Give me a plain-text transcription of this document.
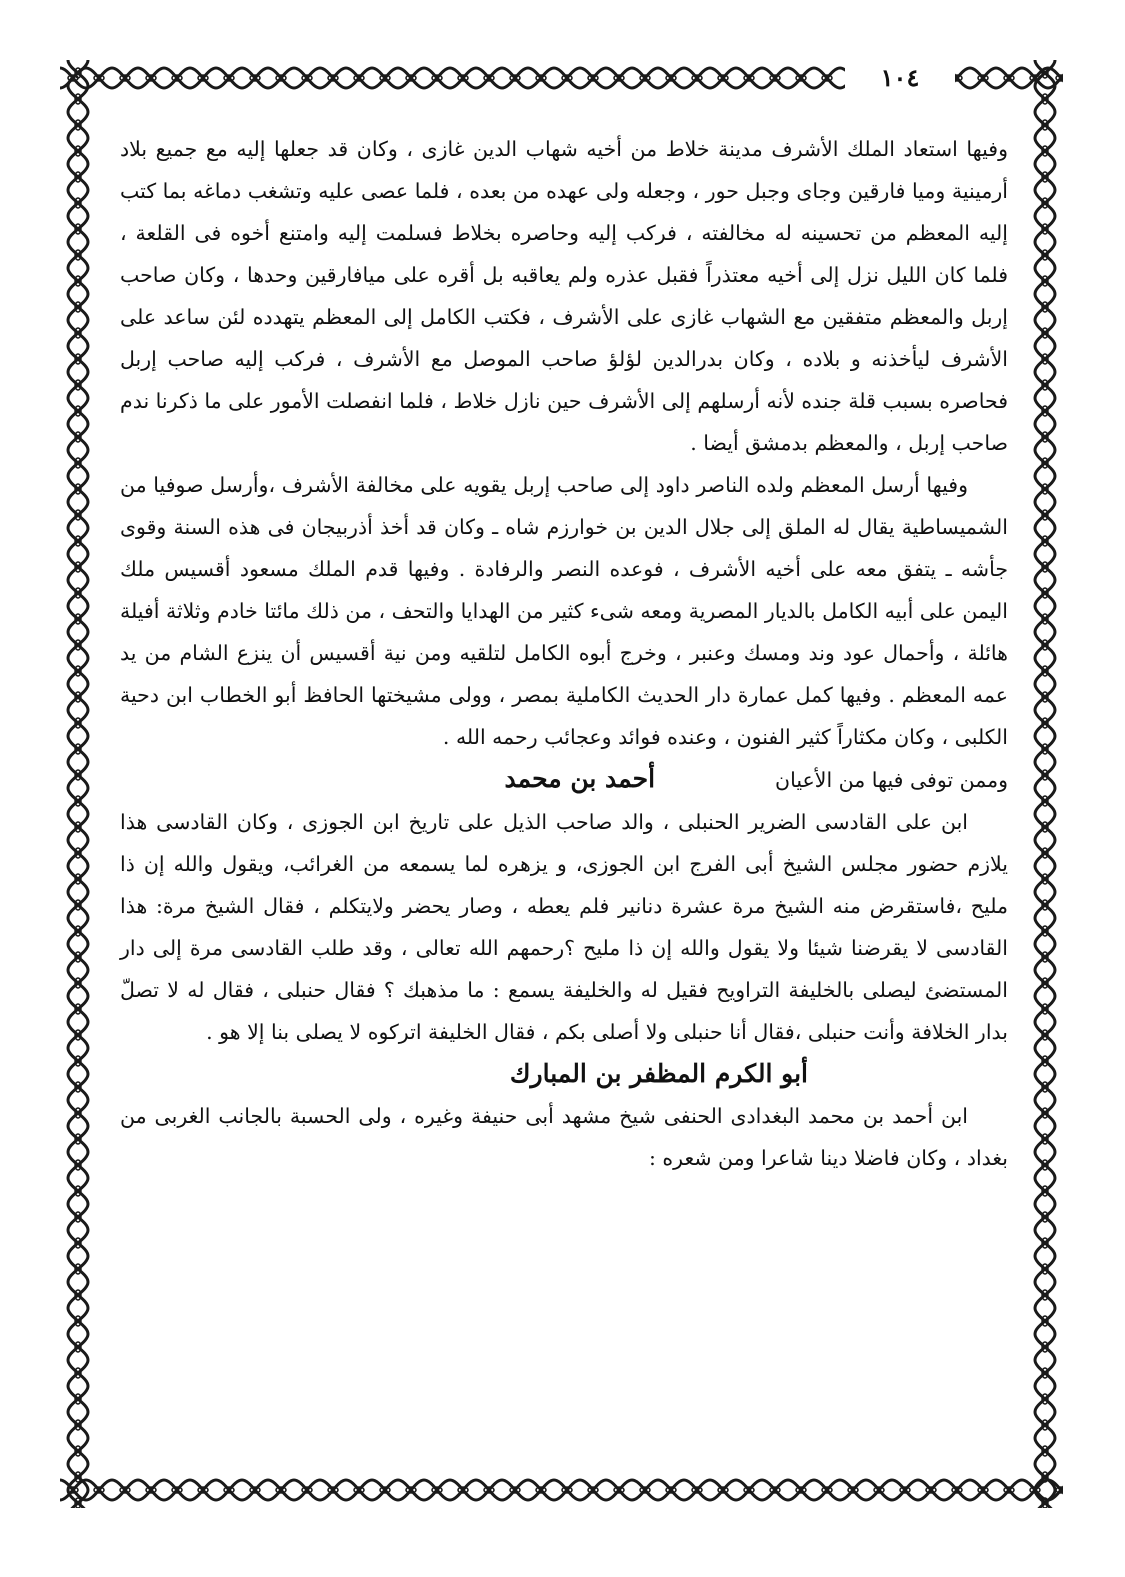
١٠٤

وفيها استعاد الملك الأشرف مدينة خلاط من أخيه شهاب الدين غازى ، وكان قد جعلها إليه مع جميع بلاد أرمينية وميا فارقين وجاى وجبل حور ، وجعله ولى عهده من بعده ، فلما عصى عليه وتشغب دماغه بما كتب إليه المعظم من تحسينه له مخالفته ، فركب إليه وحاصره بخلاط فسلمت إليه وامتنع أخوه فى القلعة ، فلما كان الليل نزل إلى أخيه معتذراً فقبل عذره ولم يعاقبه بل أقره على ميافارقين وحدها ، وكان صاحب إربل والمعظم متفقين مع الشهاب غازى على الأشرف ، فكتب الكامل إلى المعظم يتهدده لئن ساعد على الأشرف ليأخذنه و بلاده ، وكان بدرالدين لؤلؤ صاحب الموصل مع الأشرف ، فركب إليه صاحب إربل فحاصره بسبب قلة جنده لأنه أرسلهم إلى الأشرف حين نازل خلاط ، فلما انفصلت الأمور على ما ذكرنا ندم صاحب إربل ، والمعظم بدمشق أيضا .

وفيها أرسل المعظم ولده الناصر داود إلى صاحب إربل يقويه على مخالفة الأشرف ،وأرسل صوفيا من الشميساطية يقال له الملق إلى جلال الدين بن خوارزم شاه ـ وكان قد أخذ أذربيجان فى هذه السنة وقوى جأشه ـ يتفق معه على أخيه الأشرف ، فوعده النصر والرفادة . وفيها قدم الملك مسعود أقسيس ملك اليمن على أبيه الكامل بالديار المصرية ومعه شىء كثير من الهدايا والتحف ، من ذلك مائتا خادم وثلاثة أفيلة هائلة ، وأحمال عود وند ومسك وعنبر ، وخرج أبوه الكامل لتلقيه ومن نية أقسيس أن ينزع الشام من يد عمه المعظم . وفيها كمل عمارة دار الحديث الكاملية بمصر ، وولى مشيختها الحافظ أبو الخطاب ابن دحية الكلبى ، وكان مكثاراً كثير الفنون ، وعنده فوائد وعجائب رحمه الله .

وممن توفى فيها من الأعيان
أحمد بن محمد

ابن على القادسى الضرير الحنبلى ، والد صاحب الذيل على تاريخ ابن الجوزى ، وكان القادسى هذا يلازم حضور مجلس الشيخ أبى الفرج ابن الجوزى، و يزهره لما يسمعه من الغرائب، ويقول والله إن ذا مليح ،فاستقرض منه الشيخ مرة عشرة دنانير فلم يعطه ، وصار يحضر ولايتكلم ، فقال الشيخ مرة: هذا القادسى لا يقرضنا شيئا ولا يقول والله إن ذا مليح ؟رحمهم الله تعالى ، وقد طلب القادسى مرة إلى دار المستضئ ليصلى بالخليفة التراويح فقيل له والخليفة يسمع : ما مذهبك ؟ فقال حنبلى ، فقال له لا تصلّ بدار الخلافة وأنت حنبلى ،فقال أنا حنبلى ولا أصلى بكم ، فقال الخليفة اتركوه لا يصلى بنا إلا هو .

أبو الكرم المظفر بن المبارك

ابن أحمد بن محمد البغدادى الحنفى شيخ مشهد أبى حنيفة وغيره ، ولى الحسبة بالجانب الغربى من بغداد ، وكان فاضلا دينا شاعرا ومن شعره :
